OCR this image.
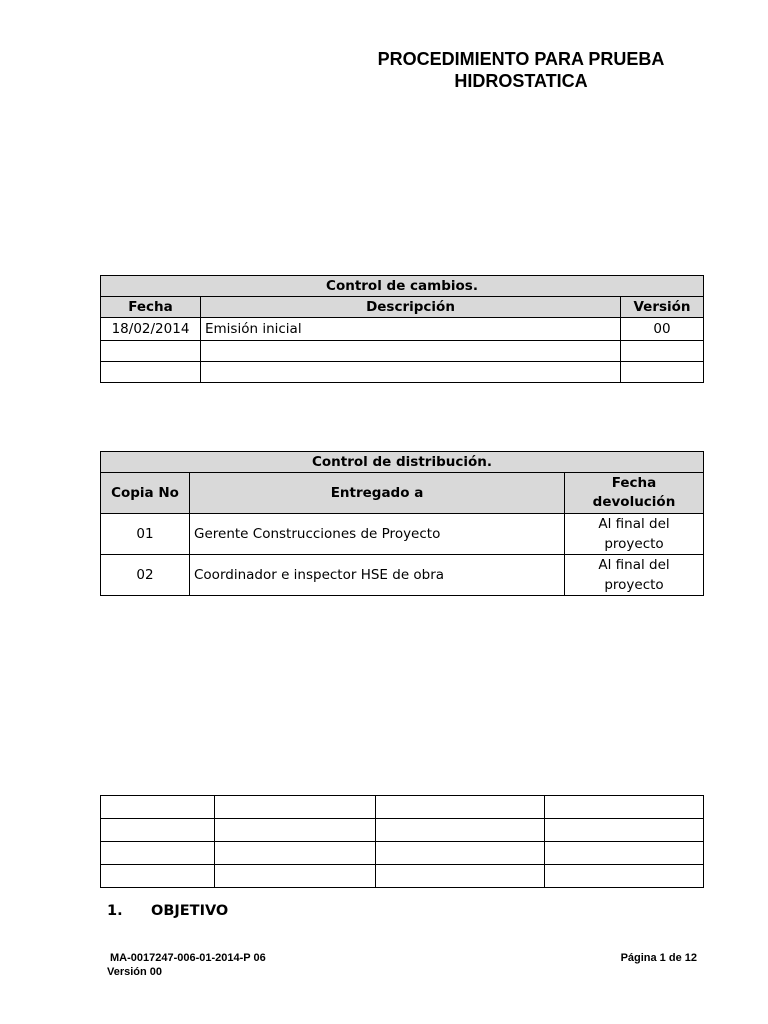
PROCEDIMIENTO PARA PRUEBA
HIDROSTATICA
Control de cambios.		
Fecha	Descripción	Versión
18/02/2014	Emisión inicial	00

Control de distribución.		
Copia No	Entregado a	Fecha
devolución
01	Gerente Construcciones de Proyecto	Al final del
proyecto
02	Coordinador e inspector HSE de obra	Al final del
proyecto

1. OBJETIVO
MA-0017247-006-01-2014-P 06
Versión 00
Página 1 de 12
